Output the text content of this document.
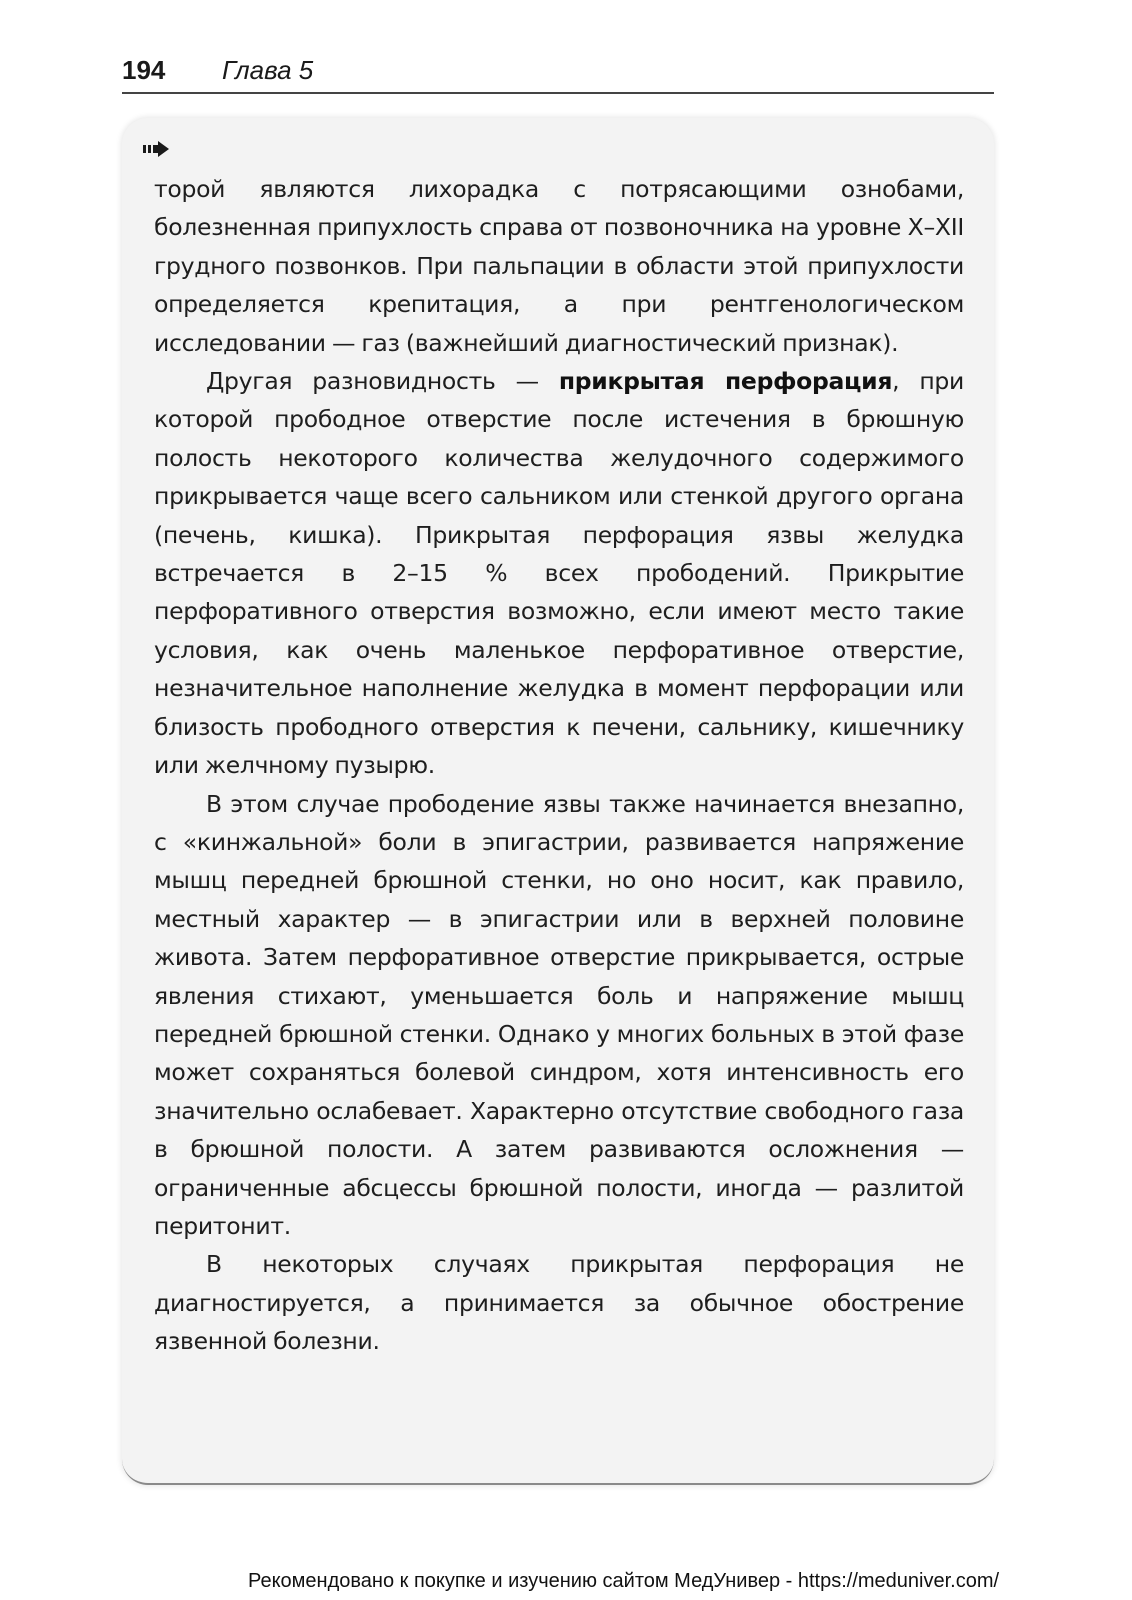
194 Глава 5

торой являются лихорадка с потрясающими ознобами, болезненная припухлость справа от позвоночника на уровне X–XII грудного позвонков. При пальпации в области этой припухлости определяется крепитация, а при рентгенологическом исследовании — газ (важнейший диагностический признак).

Другая разновидность — прикрытая перфорация, при которой прободное отверстие после истечения в брюшную полость некоторого количества желудочного содержимого прикрывается чаще всего сальником или стенкой другого органа (печень, кишка). Прикрытая перфорация язвы желудка встречается в 2–15 % всех прободений. Прикрытие перфоративного отверстия возможно, если имеют место такие условия, как очень маленькое перфоративное отверстие, незначительное наполнение желудка в момент перфорации или близость прободного отверстия к печени, сальнику, кишечнику или желчному пузырю.

В этом случае прободение язвы также начинается внезапно, с «кинжальной» боли в эпигастрии, развивается напряжение мышц передней брюшной стенки, но оно носит, как правило, местный характер — в эпигастрии или в верхней половине живота. Затем перфоративное отверстие прикрывается, острые явления стихают, уменьшается боль и напряжение мышц передней брюшной стенки. Однако у многих больных в этой фазе может сохраняться болевой синдром, хотя интенсивность его значительно ослабевает. Характерно отсутствие свободного газа в брюшной полости. А затем развиваются осложнения — ограниченные абсцессы брюшной полости, иногда — разлитой перитонит.

В некоторых случаях прикрытая перфорация не диагностируется, а принимается за обычное обострение язвенной болезни.

Рекомендовано к покупке и изучению сайтом МедУнивер - https://meduniver.com/
